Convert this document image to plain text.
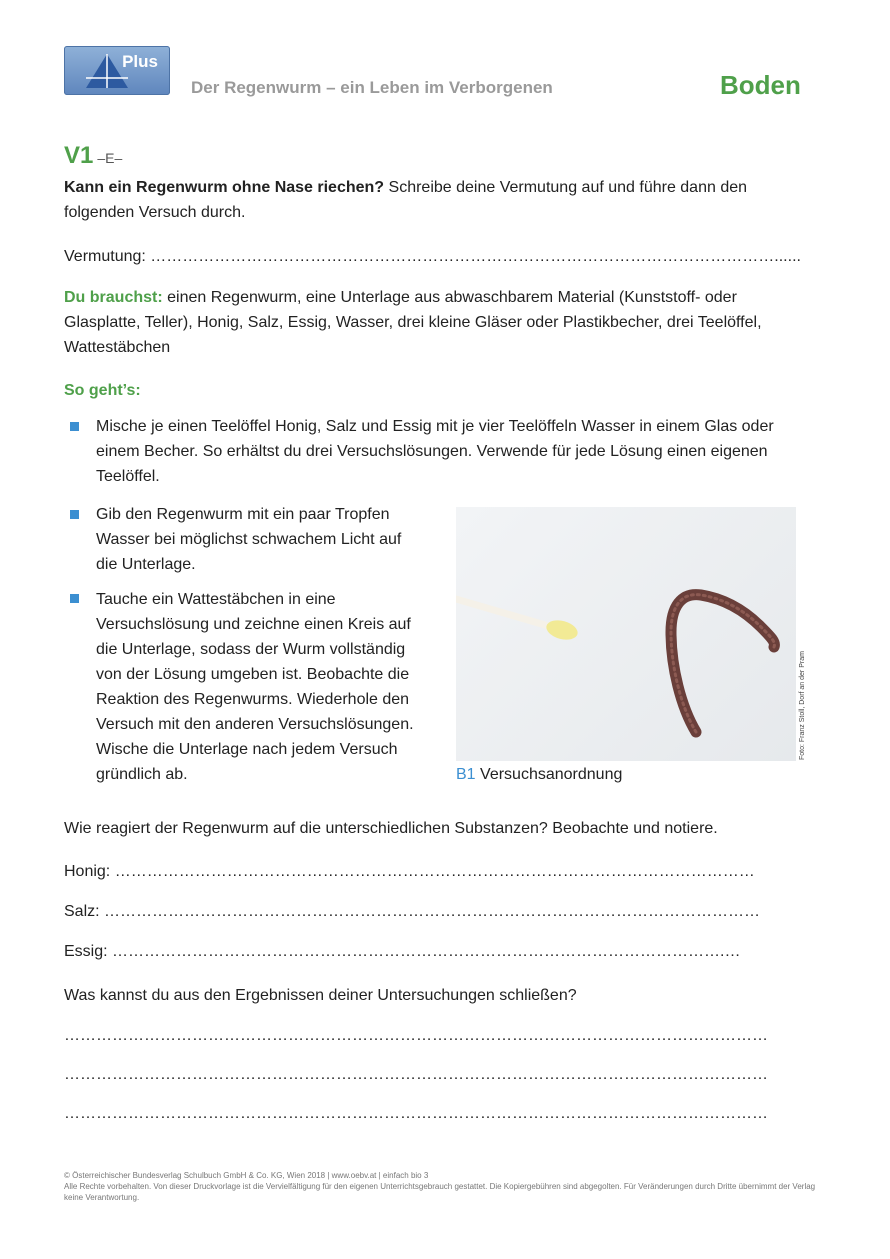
Plus
Der Regenwurm – ein Leben im Verborgenen	Boden
V1 –E–
Kann ein Regenwurm ohne Nase riechen? Schreibe deine Vermutung auf und führe dann den folgenden Versuch durch.
Vermutung: ………………………………………………………………………………………………………......
Du brauchst: einen Regenwurm, eine Unterlage aus abwaschbarem Material (Kunststoff- oder Glasplatte, Teller), Honig, Salz, Essig, Wasser, drei kleine Gläser oder Plastikbecher, drei Teelöffel, Wattestäbchen
So geht’s:
Mische je einen Teelöffel Honig, Salz und Essig mit je vier Teelöffeln Wasser in einem Glas oder einem Becher. So erhältst du drei Versuchslösungen. Verwende für jede Lösung einen eigenen Teelöffel.
Gib den Regenwurm mit ein paar Tropfen Wasser bei möglichst schwachem Licht auf die Unterlage.
Tauche ein Wattestäbchen in eine Versuchslösung und zeichne einen Kreis auf die Unterlage, sodass der Wurm vollständig von der Lösung umgeben ist. Beobachte die Reaktion des Regenwurms. Wiederhole den Versuch mit den anderen Versuchslösungen. Wische die Unterlage nach jedem Versuch gründlich ab.
Foto: Franz Stoll, Dorf an der Pram
B1 Versuchsanordnung
Wie reagiert der Regenwurm auf die unterschiedlichen Substanzen? Beobachte und notiere.
Honig: …………………………………………………………………………………………………………
Salz: ……………………………………………………………………………………………………………
Essig: …………………………………………………………………………………………………….…
Was kannst du aus den Ergebnissen deiner Untersuchungen schließen?
……………………………………………………………………………………………………………………
……………………………………………………………………………………………………………………
……………………………………………………………………………………………………………………
© Österreichischer Bundesverlag Schulbuch GmbH & Co. KG, Wien 2018 | www.oebv.at | einfach bio 3
Alle Rechte vorbehalten. Von dieser Druckvorlage ist die Vervielfältigung für den eigenen Unterrichtsgebrauch gestattet. Die Kopiergebühren sind abgegolten. Für Veränderungen durch Dritte übernimmt der Verlag keine Verantwortung.
